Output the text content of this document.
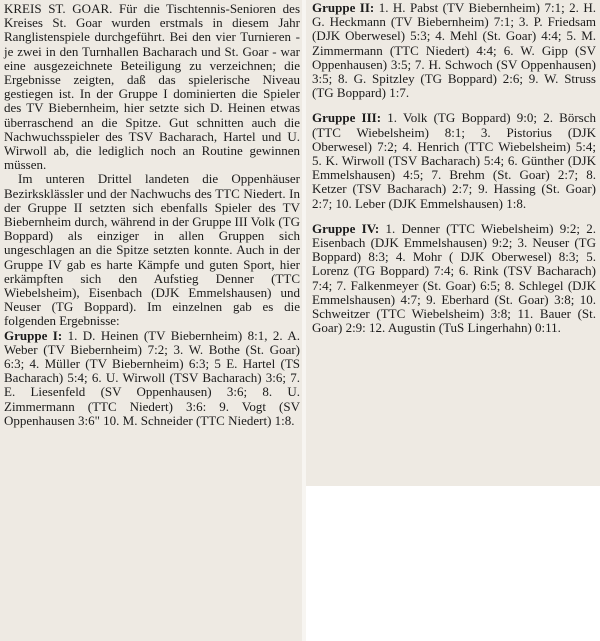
KREIS ST. GOAR. Für die Tischtennis-Senioren des Kreises St. Goar wurden erstmals in diesem Jahr Ranglistenspiele durchgeführt. Bei den vier Turnieren - je zwei in den Turnhallen Bacharach und St. Goar - war eine ausgezeichnete Beteiligung zu verzeichnen; die Ergebnisse zeigten, daß das spielerische Niveau gestiegen ist. In der Gruppe I dominierten die Spieler des TV Biebernheim, hier setzte sich D. Heinen etwas überraschend an die Spitze. Gut schnitten auch die Nachwuchsspieler des TSV Bacharach, Hartel und U. Wirwoll ab, die lediglich noch an Routine gewinnen müssen.

Im unteren Drittel landeten die Oppenhäuser Bezirksklässler und der Nachwuchs des TTC Niedert. In der Gruppe II setzten sich ebenfalls Spieler des TV Biebernheim durch, während in der Gruppe III Volk (TG Boppard) als einziger in allen Gruppen sich ungeschlagen an die Spitze setzten konnte. Auch in der Gruppe IV gab es harte Kämpfe und guten Sport, hier erkämpften sich den Aufstieg Denner (TTC Wiebelsheim), Eisenbach (DJK Emmelshausen) und Neuser (TG Boppard). Im einzelnen gab es die folgenden Ergebnisse:

Gruppe I: 1. D. Heinen (TV Biebernheim) 8:1, 2. A. Weber (TV Biebernheim) 7:2; 3. W. Bothe (St. Goar) 6:3; 4. Müller (TV Biebernheim) 6:3; 5 E. Hartel (TS Bacharach) 5:4; 6. U. Wirwoll (TSV Bacharach) 3:6; 7. E. Liesenfeld (SV Oppenhausen) 3:6; 8. U. Zimmermann (TTC Niedert) 3:6: 9. Vogt (SV Oppenhausen 3:6" 10. M. Schneider (TTC Niedert) 1:8.

Gruppe II: 1. H. Pabst (TV Biebernheim) 7:1; 2. H. G. Heckmann (TV Biebernheim) 7:1; 3. P. Friedsam (DJK Oberwesel) 5:3; 4. Mehl (St. Goar) 4:4; 5. M. Zimmermann (TTC Niedert) 4:4; 6. W. Gipp (SV Oppenhausen) 3:5; 7. H. Schwoch (SV Oppenhausen) 3:5; 8. G. Spitzley (TG Boppard) 2:6; 9. W. Struss (TG Boppard) 1:7.

Gruppe III: 1. Volk (TG Boppard) 9:0; 2. Börsch (TTC Wiebelsheim) 8:1; 3. Pistorius (DJK Oberwesel) 7:2; 4. Henrich (TTC Wiebelsheim) 5:4; 5. K. Wirwoll (TSV Bacharach) 5:4; 6. Günther (DJK Emmelshausen) 4:5; 7. Brehm (St. Goar) 2:7; 8. Ketzer (TSV Bacharach) 2:7; 9. Hassing (St. Goar) 2:7; 10. Leber (DJK Emmelshausen) 1:8.

Gruppe IV: 1. Denner (TTC Wiebelsheim) 9:2; 2. Eisenbach (DJK Emmelshausen) 9:2; 3. Neuser (TG Boppard) 8:3; 4. Mohr ( DJK Oberwesel) 8:3; 5. Lorenz (TG Boppard) 7:4; 6. Rink (TSV Bacharach) 7:4; 7. Falkenmeyer (St. Goar) 6:5; 8. Schlegel (DJK Emmelshausen) 4:7; 9. Eberhard (St. Goar) 3:8; 10. Schweitzer (TTC Wiebelsheim) 3:8; 11. Bauer (St. Goar) 2:9: 12. Augustin (TuS Lingerhahn) 0:11.
